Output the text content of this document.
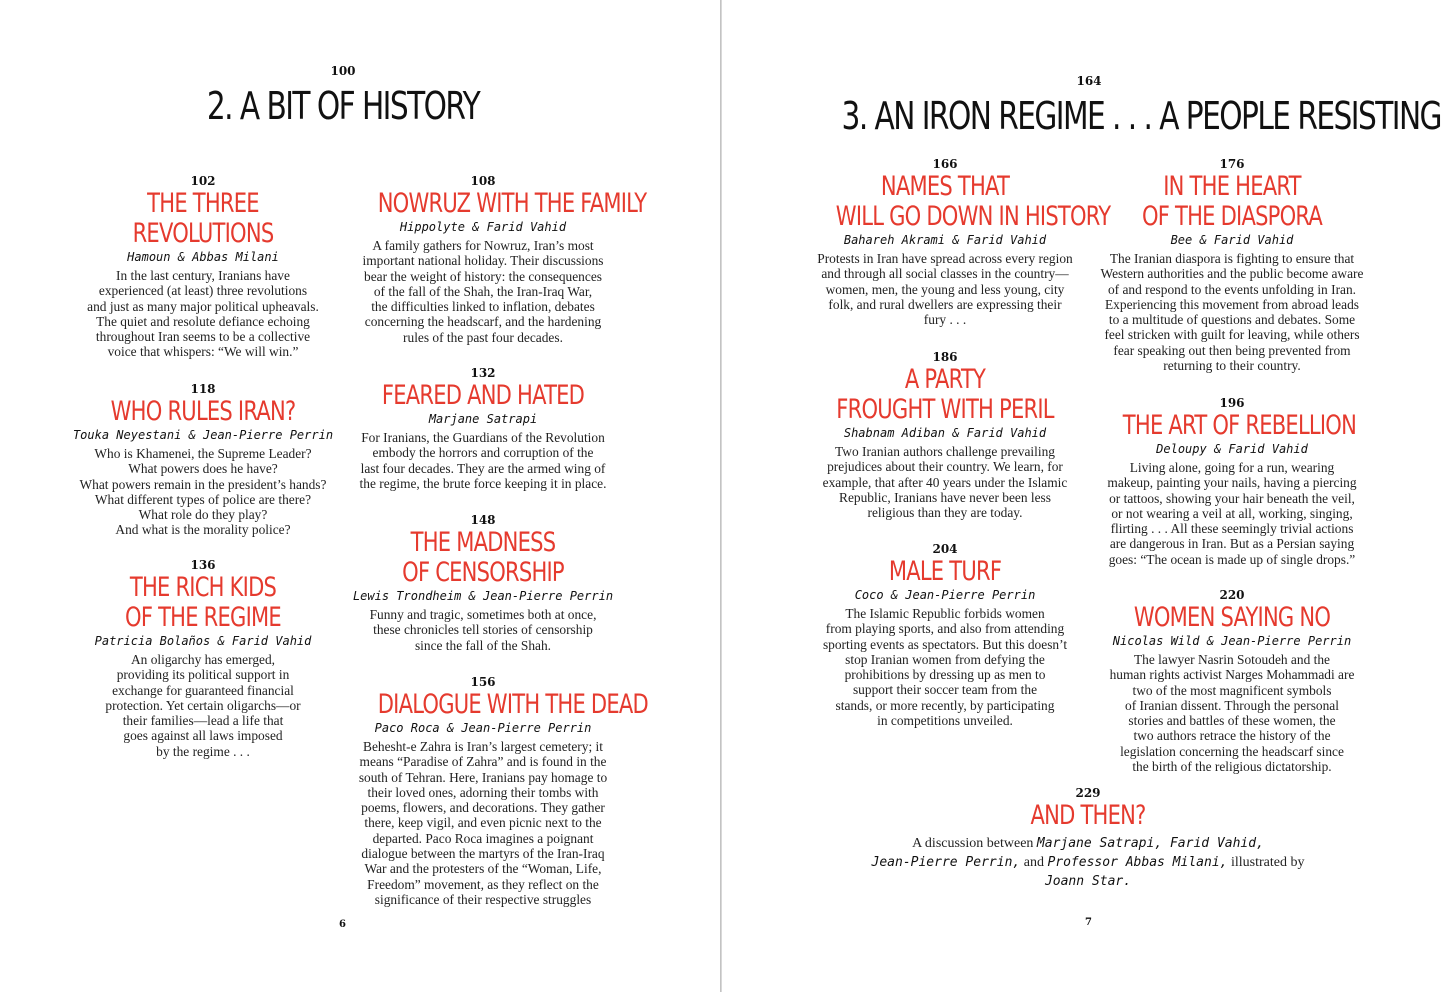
100
2. A BIT OF HISTORY
102
THE THREE
REVOLUTIONS
Hamoun & Abbas Milani
In the last century, Iranians have
experienced (at least) three revolutions
and just as many major political upheavals.
The quiet and resolute defiance echoing
throughout Iran seems to be a collective
voice that whispers: “We will win.”
108
NOWRUZ WITH THE FAMILY
Hippolyte & Farid Vahid
A family gathers for Nowruz, Iran’s most
important national holiday. Their discussions
bear the weight of history: the consequences
of the fall of the Shah, the Iran-Iraq War,
the difficulties linked to inflation, debates
concerning the headscarf, and the hardening
rules of the past four decades.
118
WHO RULES IRAN?
Touka Neyestani & Jean-Pierre Perrin
Who is Khamenei, the Supreme Leader?
What powers does he have?
What powers remain in the president’s hands?
What different types of police are there?
What role do they play?
And what is the morality police?
132
FEARED AND HATED
Marjane Satrapi
For Iranians, the Guardians of the Revolution
embody the horrors and corruption of the
last four decades. They are the armed wing of
the regime, the brute force keeping it in place.
136
THE RICH KIDS
OF THE REGIME
Patricia Bolaños & Farid Vahid
An oligarchy has emerged,
providing its political support in
exchange for guaranteed financial
protection. Yet certain oligarchs—or
their families—lead a life that
goes against all laws imposed
by the regime . . .
148
THE MADNESS
OF CENSORSHIP
Lewis Trondheim & Jean-Pierre Perrin
Funny and tragic, sometimes both at once,
these chronicles tell stories of censorship
since the fall of the Shah.
156
DIALOGUE WITH THE DEAD
Paco Roca & Jean-Pierre Perrin
Behesht-e Zahra is Iran’s largest cemetery; it
means “Paradise of Zahra” and is found in the
south of Tehran. Here, Iranians pay homage to
their loved ones, adorning their tombs with
poems, flowers, and decorations. They gather
there, keep vigil, and even picnic next to the
departed. Paco Roca imagines a poignant
dialogue between the martyrs of the Iran-Iraq
War and the protesters of the “Woman, Life,
Freedom” movement, as they reflect on the
significance of their respective struggles
6
164
3. AN IRON REGIME . . . A PEOPLE RESISTING
166
NAMES THAT
WILL GO DOWN IN HISTORY
Bahareh Akrami & Farid Vahid
Protests in Iran have spread across every region
and through all social classes in the country—
women, men, the young and less young, city
folk, and rural dwellers are expressing their
fury . . .
176
IN THE HEART
OF THE DIASPORA
Bee & Farid Vahid
The Iranian diaspora is fighting to ensure that
Western authorities and the public become aware
of and respond to the events unfolding in Iran.
Experiencing this movement from abroad leads
to a multitude of questions and debates. Some
feel stricken with guilt for leaving, while others
fear speaking out then being prevented from
returning to their country.
186
A PARTY
FROUGHT WITH PERIL
Shabnam Adiban & Farid Vahid
Two Iranian authors challenge prevailing
prejudices about their country. We learn, for
example, that after 40 years under the Islamic
Republic, Iranians have never been less
religious than they are today.
196
THE ART OF REBELLION
Deloupy & Farid Vahid
Living alone, going for a run, wearing
makeup, painting your nails, having a piercing
or tattoos, showing your hair beneath the veil,
or not wearing a veil at all, working, singing,
flirting . . . All these seemingly trivial actions
are dangerous in Iran. But as a Persian saying
goes: “The ocean is made up of single drops.”
204
MALE TURF
Coco & Jean-Pierre Perrin
The Islamic Republic forbids women
from playing sports, and also from attending
sporting events as spectators. But this doesn’t
stop Iranian women from defying the
prohibitions by dressing up as men to
support their soccer team from the
stands, or more recently, by participating
in competitions unveiled.
220
WOMEN SAYING NO
Nicolas Wild & Jean-Pierre Perrin
The lawyer Nasrin Sotoudeh and the
human rights activist Narges Mohammadi are
two of the most magnificent symbols
of Iranian dissent. Through the personal
stories and battles of these women, the
two authors retrace the history of the
legislation concerning the headscarf since
the birth of the religious dictatorship.
229
AND THEN?
A discussion between Marjane Satrapi, Farid Vahid,
Jean-Pierre Perrin, and Professor Abbas Milani, illustrated by Joann Star.
7
